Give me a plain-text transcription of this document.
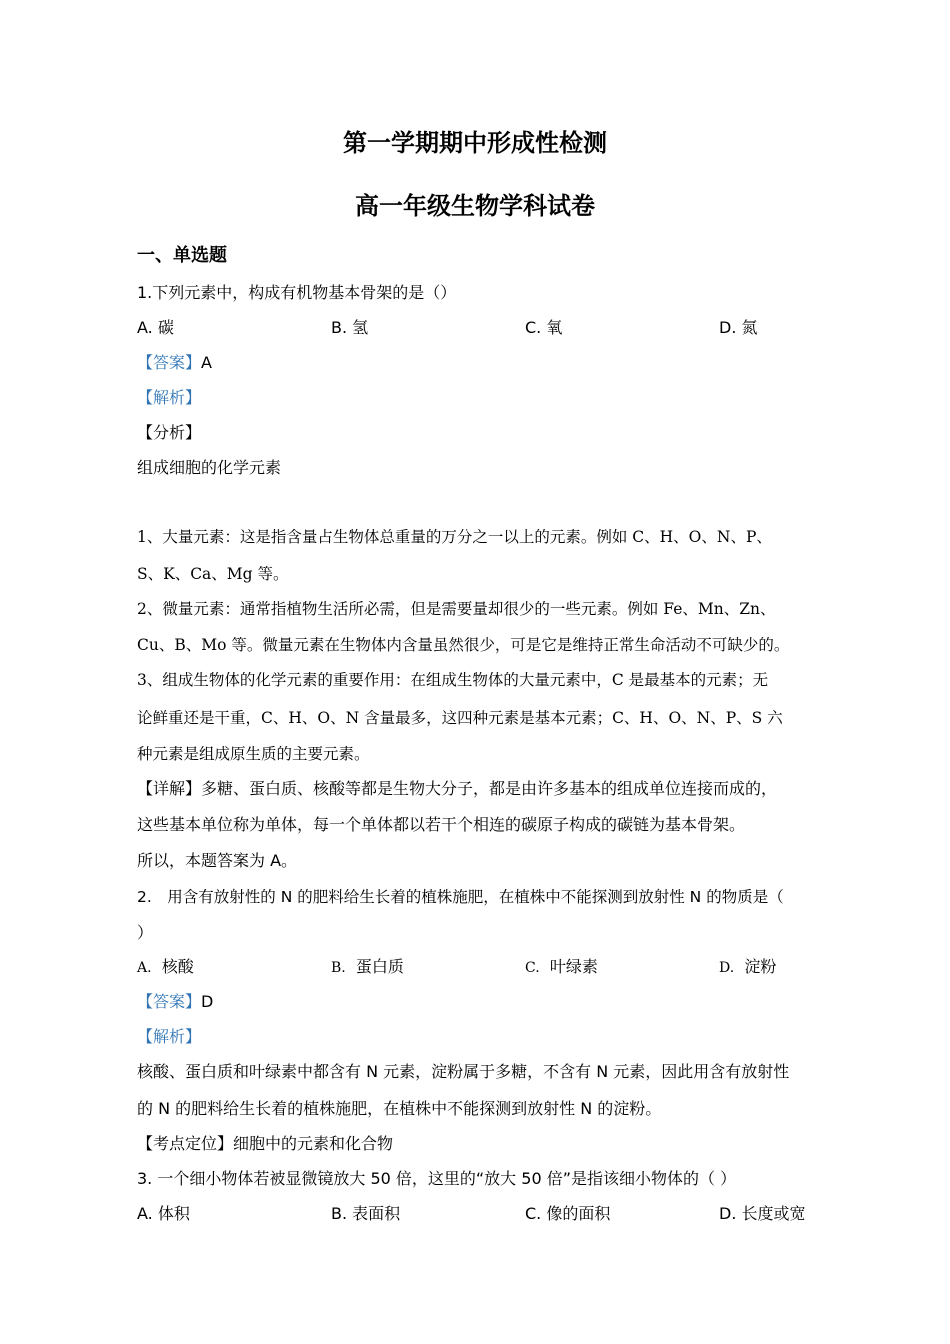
第一学期期中形成性检测
高一年级生物学科试卷
一、单选题
1.下列元素中，构成有机物基本骨架的是（）
A. 碳	B. 氢	C. 氧	D. 氮
【答案】A
【解析】
【分析】
组成细胞的化学元素
1、大量元素：这是指含量占生物体总重量的万分之一以上的元素。例如 C、H、O、N、P、
S、K、Ca、Mg 等。
2、微量元素：通常指植物生活所必需，但是需要量却很少的一些元素。例如 Fe、Mn、Zn、
Cu、B、Mo 等。微量元素在生物体内含量虽然很少，可是它是维持正常生命活动不可缺少的。
3、组成生物体的化学元素的重要作用：在组成生物体的大量元素中，C 是最基本的元素；无
论鲜重还是干重，C、H、O、N 含量最多，这四种元素是基本元素；C、H、O、N、P、S 六
种元素是组成原生质的主要元素。
【详解】多糖、蛋白质、核酸等都是生物大分子，都是由许多基本的组成单位连接而成的，
这些基本单位称为单体，每一个单体都以若干个相连的碳原子构成的碳链为基本骨架。
所以，本题答案为 A。
2.　用含有放射性的 N 的肥料给生长着的植株施肥，在植株中不能探测到放射性 N 的物质是（
）
A. 核酸	B. 蛋白质	C. 叶绿素	D. 淀粉
【答案】D
【解析】
核酸、蛋白质和叶绿素中都含有 N 元素，淀粉属于多糖，不含有 N 元素，因此用含有放射性
的 N 的肥料给生长着的植株施肥，在植株中不能探测到放射性 N 的淀粉。
【考点定位】细胞中的元素和化合物
3. 一个细小物体若被显微镜放大 50 倍，这里的“放大 50 倍”是指该细小物体的（ ）
A. 体积	B. 表面积	C. 像的面积	D. 长度或宽
